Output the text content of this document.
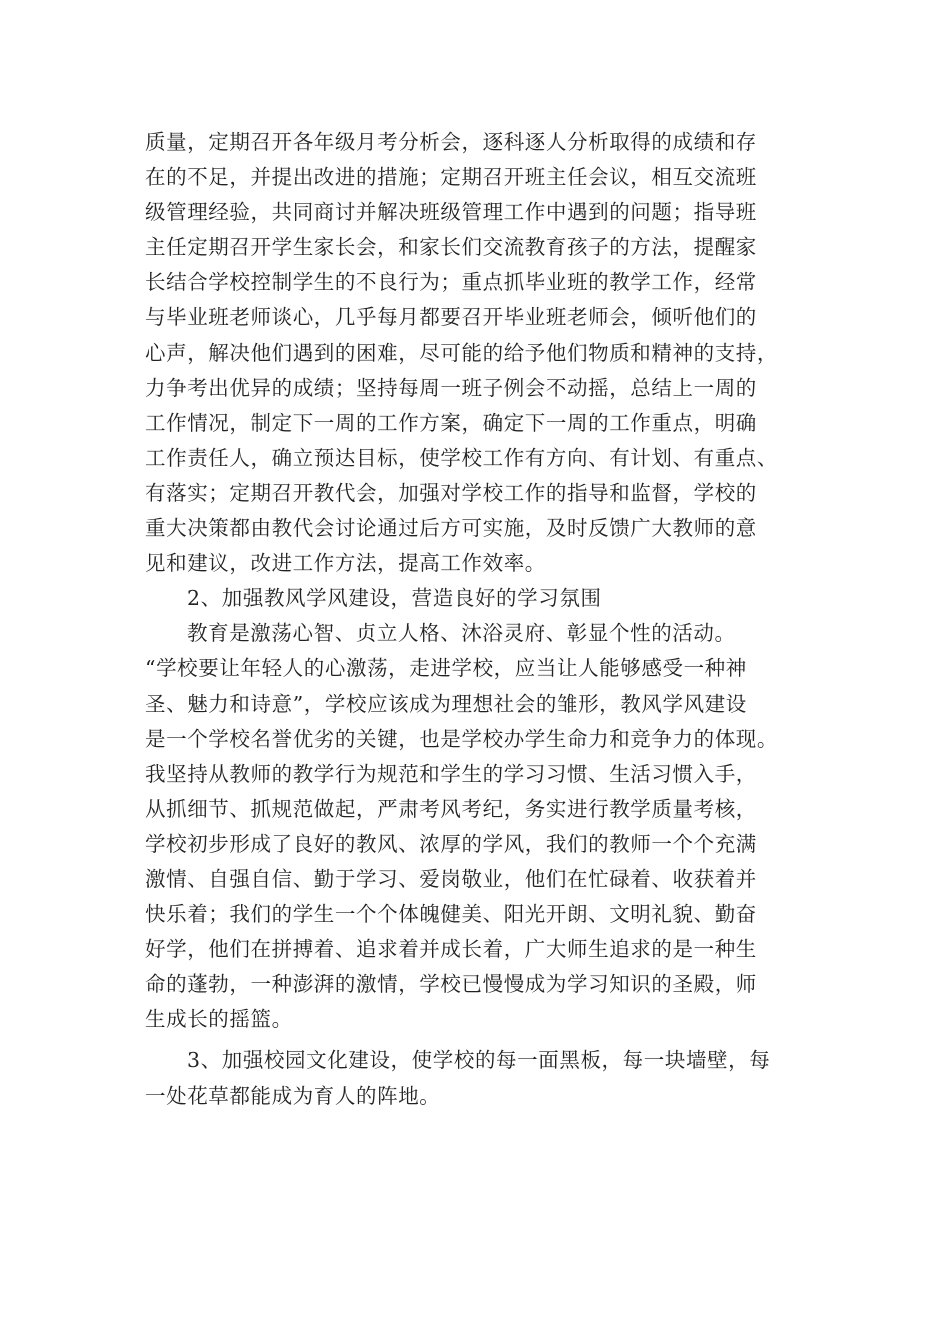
质量，定期召开各年级月考分析会，逐科逐人分析取得的成绩和存
在的不足，并提出改进的措施；定期召开班主任会议，相互交流班
级管理经验，共同商讨并解决班级管理工作中遇到的问题；指导班
主任定期召开学生家长会，和家长们交流教育孩子的方法，提醒家
长结合学校控制学生的不良行为；重点抓毕业班的教学工作，经常
与毕业班老师谈心，几乎每月都要召开毕业班老师会，倾听他们的
心声，解决他们遇到的困难，尽可能的给予他们物质和精神的支持，
力争考出优异的成绩；坚持每周一班子例会不动摇，总结上一周的
工作情况，制定下一周的工作方案，确定下一周的工作重点，明确
工作责任人，确立预达目标，使学校工作有方向、有计划、有重点、
有落实；定期召开教代会，加强对学校工作的指导和监督，学校的
重大决策都由教代会讨论通过后方可实施，及时反馈广大教师的意
见和建议，改进工作方法，提高工作效率。
2、加强教风学风建设，营造良好的学习氛围
教育是激荡心智、贞立人格、沐浴灵府、彰显个性的活动。
“学校要让年轻人的心激荡，走进学校，应当让人能够感受一种神
圣、魅力和诗意”，学校应该成为理想社会的雏形，教风学风建设
是一个学校名誉优劣的关键，也是学校办学生命力和竞争力的体现。
我坚持从教师的教学行为规范和学生的学习习惯、生活习惯入手，
从抓细节、抓规范做起，严肃考风考纪，务实进行教学质量考核，
学校初步形成了良好的教风、浓厚的学风，我们的教师一个个充满
激情、自强自信、勤于学习、爱岗敬业，他们在忙碌着、收获着并
快乐着；我们的学生一个个体魄健美、阳光开朗、文明礼貌、勤奋
好学，他们在拼搏着、追求着并成长着，广大师生追求的是一种生
命的蓬勃，一种澎湃的激情，学校已慢慢成为学习知识的圣殿，师
生成长的摇篮。
3、加强校园文化建设，使学校的每一面黑板，每一块墙壁，每
一处花草都能成为育人的阵地。
